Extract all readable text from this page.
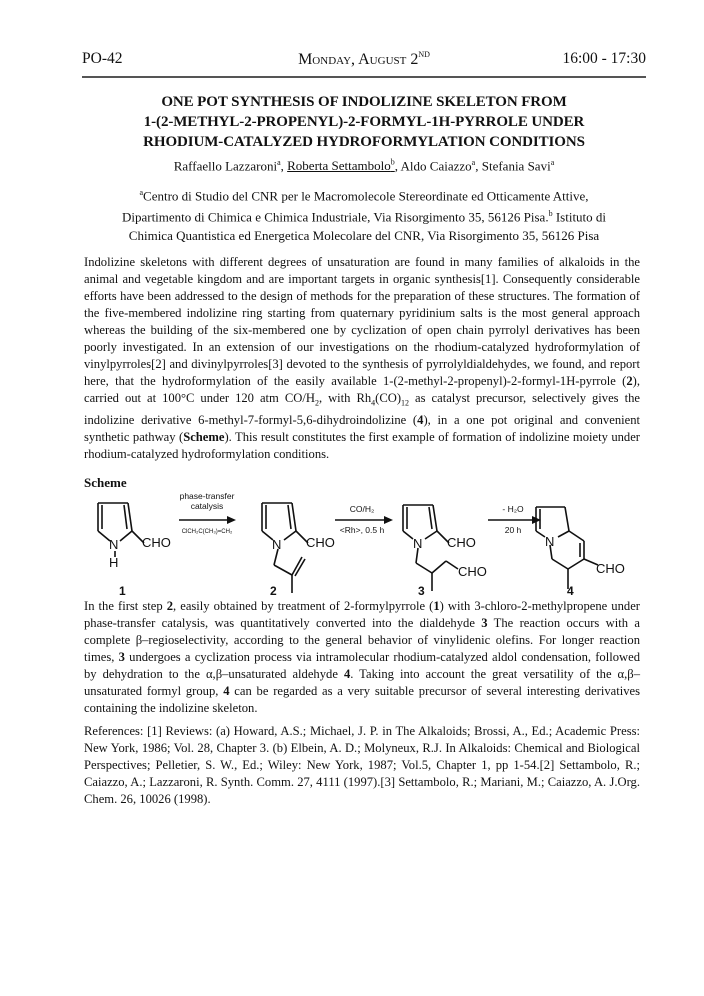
PO-42	Monday, August 2ND	16:00 - 17:30
ONE POT SYNTHESIS OF INDOLIZINE SKELETON FROM
1-(2-METHYL-2-PROPENYL)-2-FORMYL-1H-PYRROLE UNDER
RHODIUM-CATALYZED HYDROFORMYLATION CONDITIONS
Raffaello Lazzaroni$^a$, Roberta Settambolo$^b$, Aldo Caiazzo$^a$, Stefania Savi$^a$
$^a$Centro di Studio del CNR per le Macromolecole Stereordinate ed Otticamente Attive,
Dipartimento di Chimica e Chimica Industriale, Via Risorgimento 35, 56126 Pisa.$^b$ Istituto di
Chimica Quantistica ed Energetica Molecolare del CNR, Via Risorgimento 35, 56126 Pisa
Indolizine skeletons with different degrees of unsaturation are found in many families of alkaloids in the animal and vegetable kingdom and are important targets in organic synthesis[1]. Consequently considerable efforts have been addressed to the design of methods for the preparation of these structures. The formation of the five-membered indolizine ring starting from quaternary pyridinium salts is the most general approach whereas the building of the six-membered one by cyclization of open chain pyrrolyl derivatives has been poorly investigated. In an extension of our investigations on the rhodium-catalyzed hydroformylation of vinylpyrroles[2] and divinylpyrroles[3] devoted to the synthesis of pyrrolyldialdehydes, we found, and report here, that the hydroformylation of the easily available 1-(2-methyl-2-propenyl)-2-formyl-1H-pyrrole (2), carried out at 100°C under 120 atm $CO/H_2$, with $Rh_4(CO)_{12}$ as catalyst precursor, selectively gives the indolizine derivative 6-methyl-7-formyl-5,6-dihydroindolizine (4), in a one pot original and convenient synthetic pathway (Scheme). This result constitutes the first example of formation of indolizine moiety under rhodium-catalyzed hydroformylation conditions.
Scheme
N
H
CHO
phase-transfer
catalysis
ClCH₂C(CH₃)=CH₂
N CHO
CO/H₂
<Rh>, 0.5 h
N CHO
CHO
- H₂O
20 h
N
CHO
1	2	3	4
In the first step 2, easily obtained by treatment of 2-formylpyrrole (1) with 3-chloro-2-methylpropene under phase-transfer catalysis, was quantitatively converted into the dialdehyde 3 The reaction occurs with a complete β–regioselectivity, according to the general behavior of vinylidenic olefins. For longer reaction times, 3 undergoes a cyclization process via intramolecular rhodium-catalyzed aldol condensation, followed by dehydration to the α,β–unsaturated aldehyde 4. Taking into account the great versatility of the α,β–unsaturated formyl group, 4 can be regarded as a very suitable precursor of several interesting derivatives containing the indolizine skeleton.
References: [1] Reviews: (a) Howard, A.S.; Michael, J. P. in The Alkaloids; Brossi, A., Ed.; Academic Press: New York, 1986; Vol. 28, Chapter 3. (b) Elbein, A. D.; Molyneux, R.J. In Alkaloids: Chemical and Biological Perspectives; Pelletier, S. W., Ed.; Wiley: New York, 1987; Vol.5, Chapter 1, pp 1-54.[2] Settambolo, R.; Caiazzo, A.; Lazzaroni, R. Synth. Comm. 27, 4111 (1997).[3] Settambolo, R.; Mariani, M.; Caiazzo, A. J.Org. Chem. 26, 10026 (1998).
